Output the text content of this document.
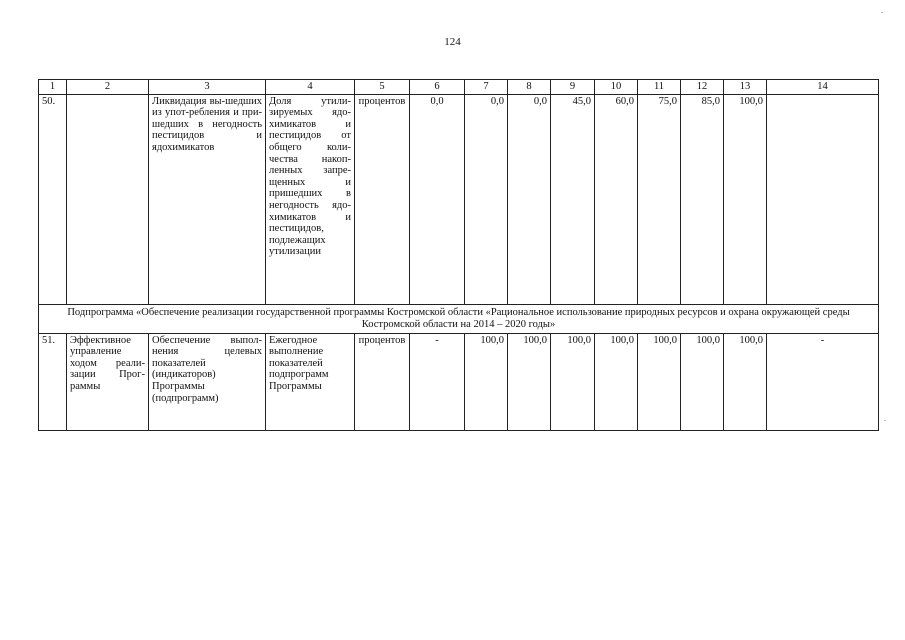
124
1	2	3	4	5	6	7	8	9	10	11	12	13	14
50.		Ликвидация вы-шедших из упот-ребления и при-шедших в негодность пестицидов и ядохимикатов	Доля утили-зируемых ядо-химикатов и пестицидов от общего коли-чества накоп-ленных запре-щенных и пришедших в негодность ядо-химикатов и пестицидов, подлежащих утилизации	процентов	0,0	0,0	0,0	45,0	60,0	75,0	85,0	100,0	
Подпрограмма «Обеспечение реализации государственной программы Костромской области «Рациональное использование природных ресурсов и охрана окружающей среды Костромской области на 2014 – 2020 годы»													
51.	Эффективное управление ходом реали-зации Прог-раммы	Обеспечение выпол-нения целевых показателей (индикаторов) Программы (подпрограмм)	Ежегодное выполнение показателей подпрограмм Программы	процентов	-	100,0	100,0	100,0	100,0	100,0	100,0	100,0	-
